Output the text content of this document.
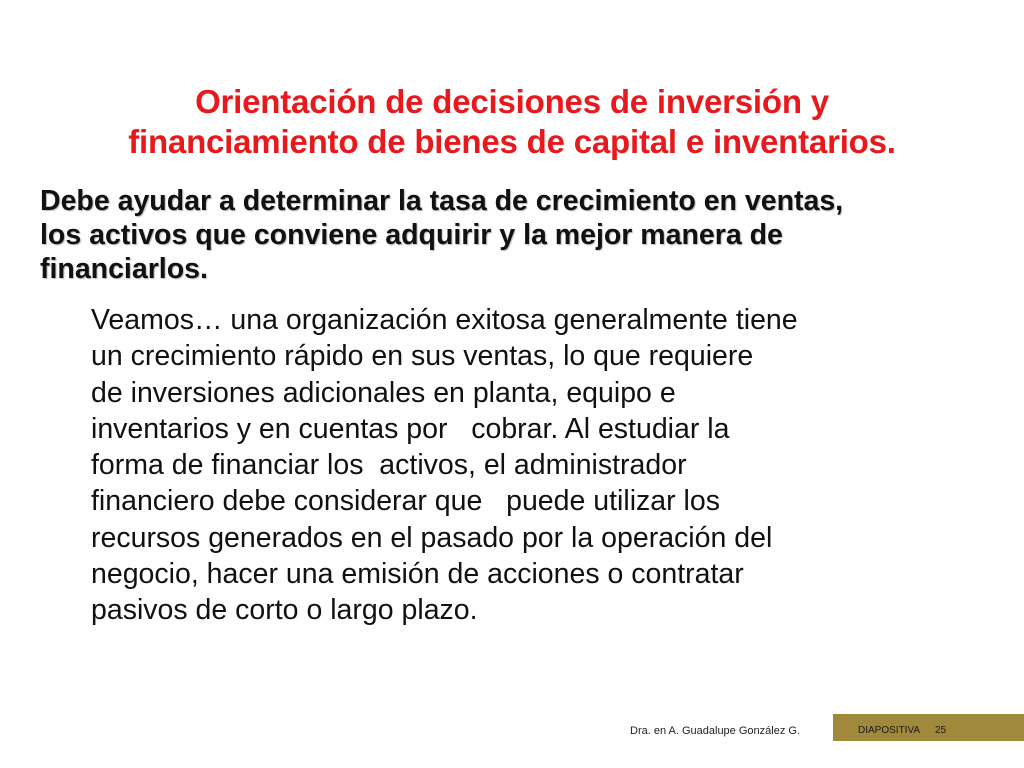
Orientación de decisiones de inversión y
financiamiento de bienes de capital e inventarios.

Debe ayudar a determinar la tasa de crecimiento en ventas,
los activos que conviene adquirir y la mejor manera de
financiarlos.

Veamos… una organización exitosa generalmente tiene
un crecimiento rápido en sus ventas, lo que requiere
de inversiones adicionales en planta, equipo e
inventarios y en cuentas por   cobrar. Al estudiar la
forma de financiar los  activos, el administrador
financiero debe considerar que   puede utilizar los
recursos generados en el pasado por la operación del
negocio, hacer una emisión de acciones o contratar
pasivos de corto o largo plazo.

Dra. en A. Guadalupe González G.	DIAPOSITIVA 25
